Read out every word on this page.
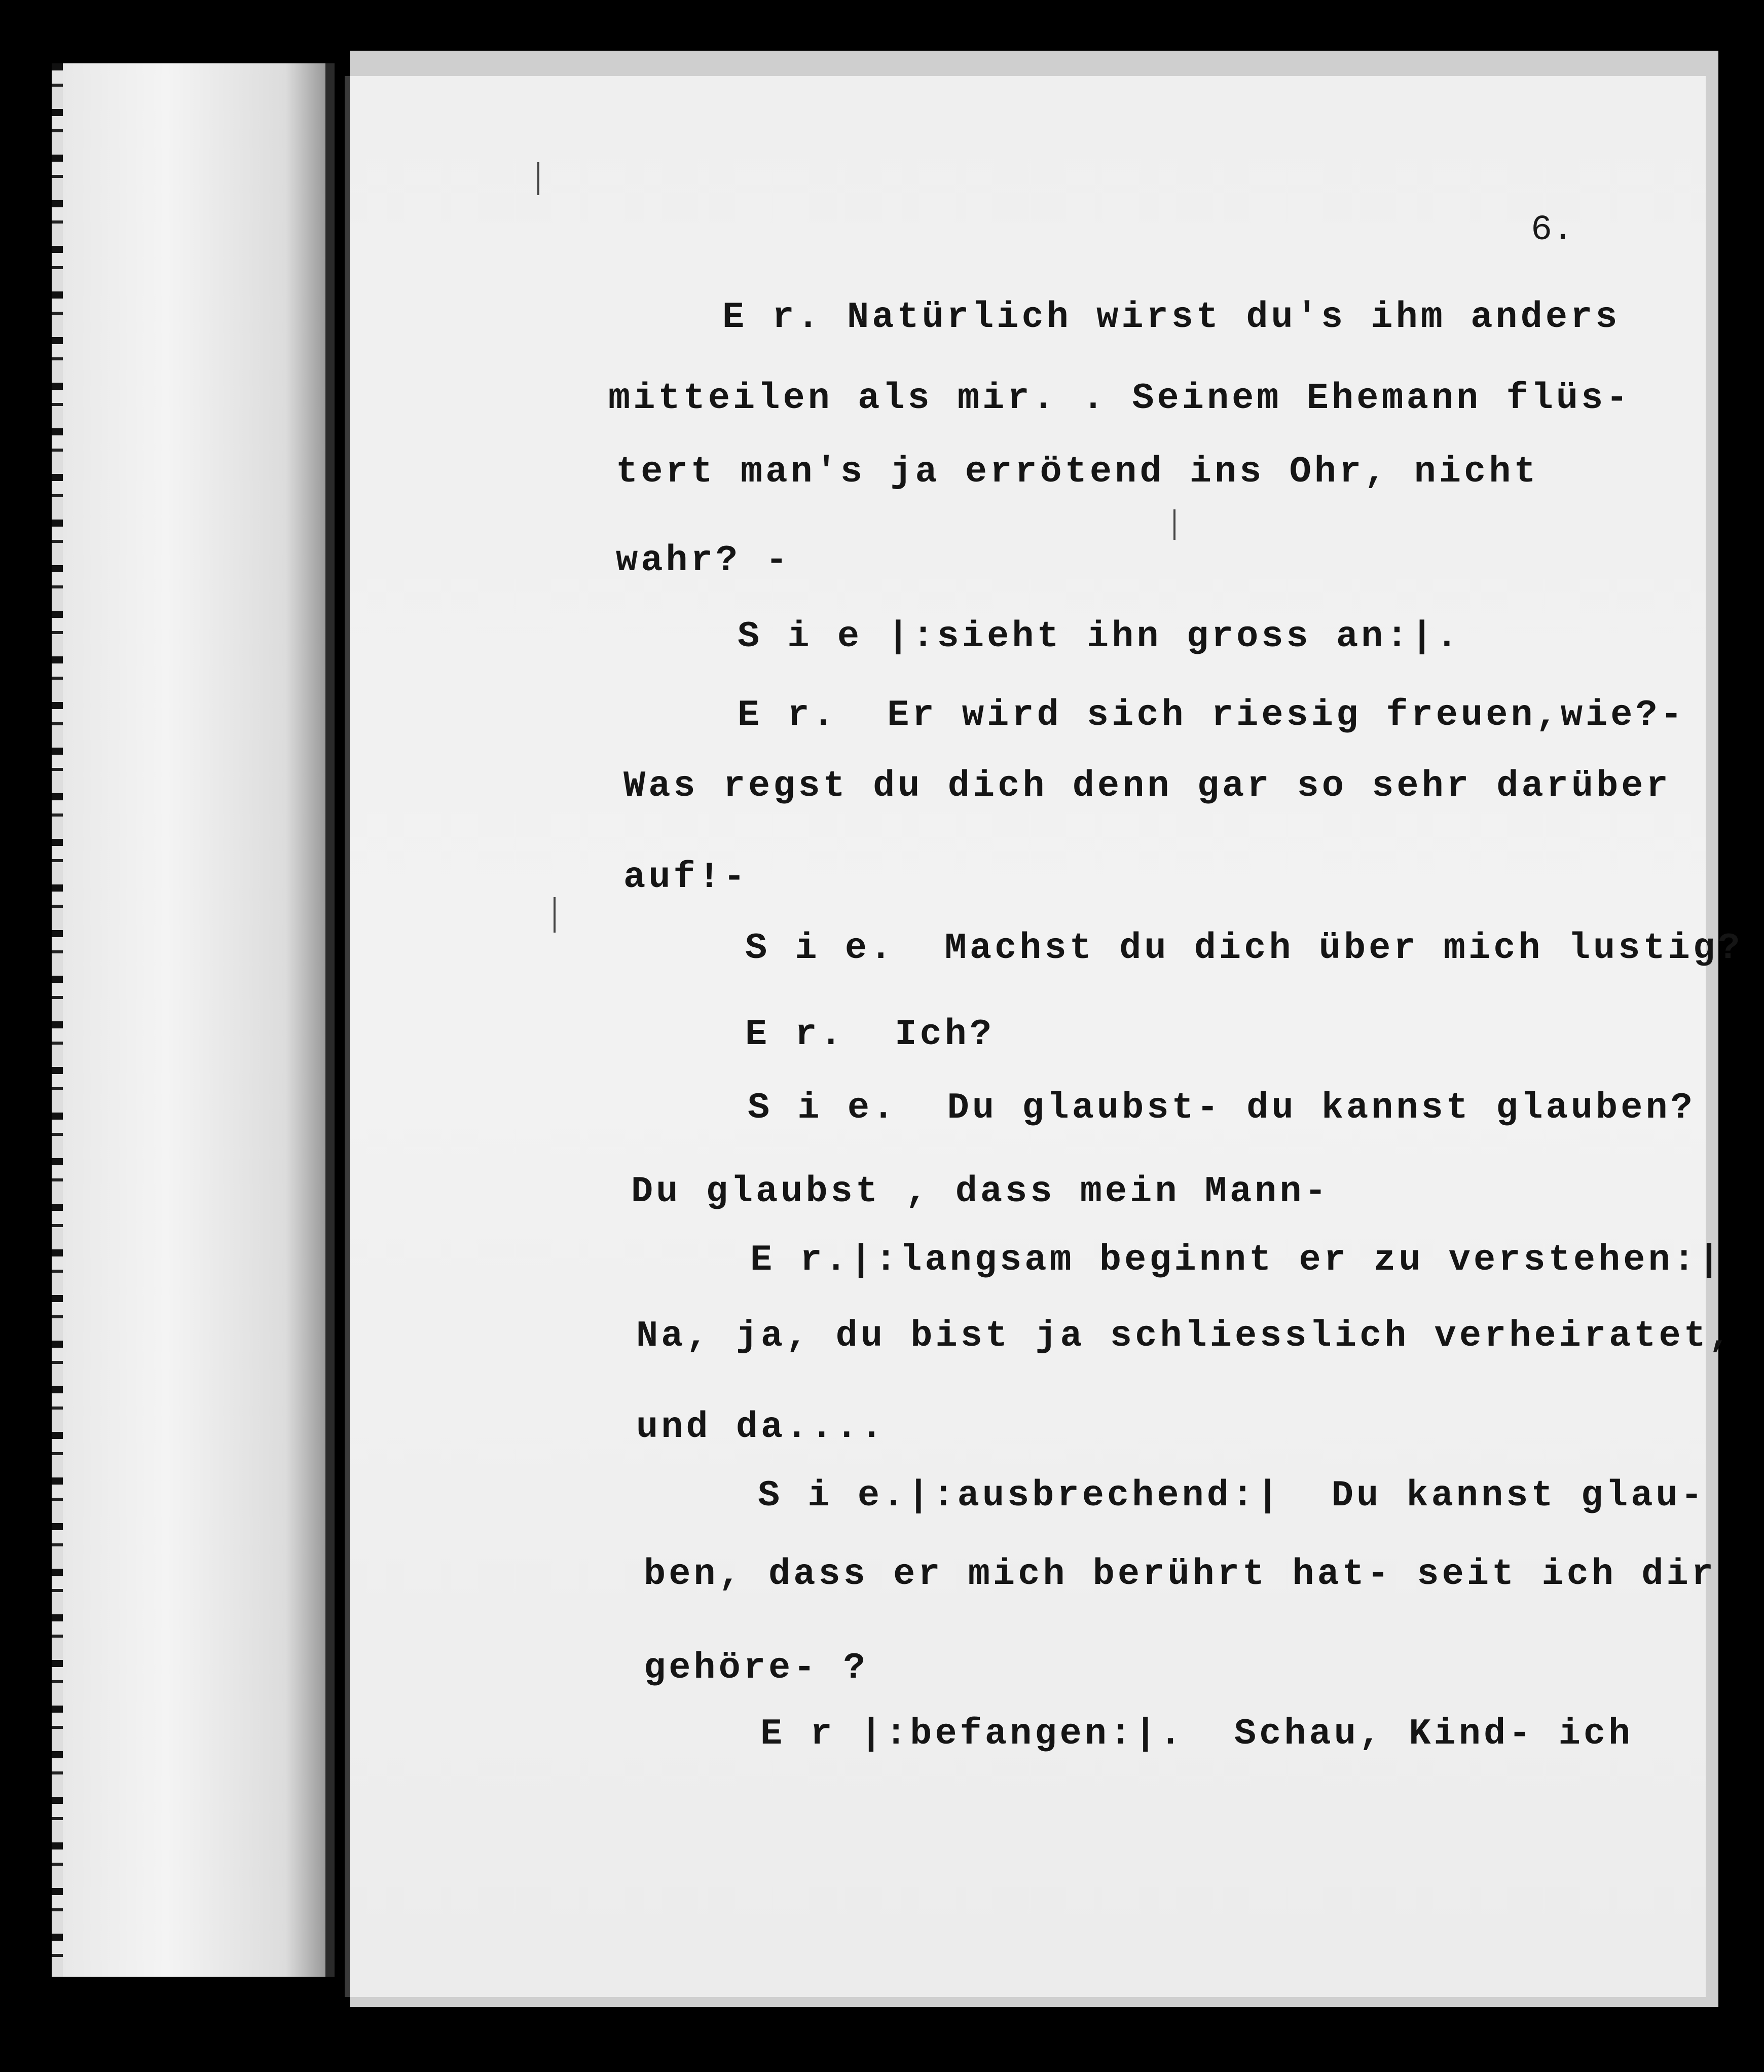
6.
E r. Natürlich wirst du's ihm anders
mitteilen als mir. . Seinem Ehemann flüs-
tert man's ja errötend ins Ohr, nicht
wahr? -
S i e |:sieht ihn gross an:|.
E r.  Er wird sich riesig freuen,wie?-
Was regst du dich denn gar so sehr darüber
auf!-
S i e.  Machst du dich über mich lustig?
E r.  Ich?
S i e.  Du glaubst- du kannst glauben?
Du glaubst , dass mein Mann-
E r.|:langsam beginnt er zu verstehen:|
Na, ja, du bist ja schliesslich verheiratet,
und da....
S i e.|:ausbrechend:|  Du kannst glau-
ben, dass er mich berührt hat- seit ich dir
gehöre- ?
E r |:befangen:|.  Schau, Kind- ich
